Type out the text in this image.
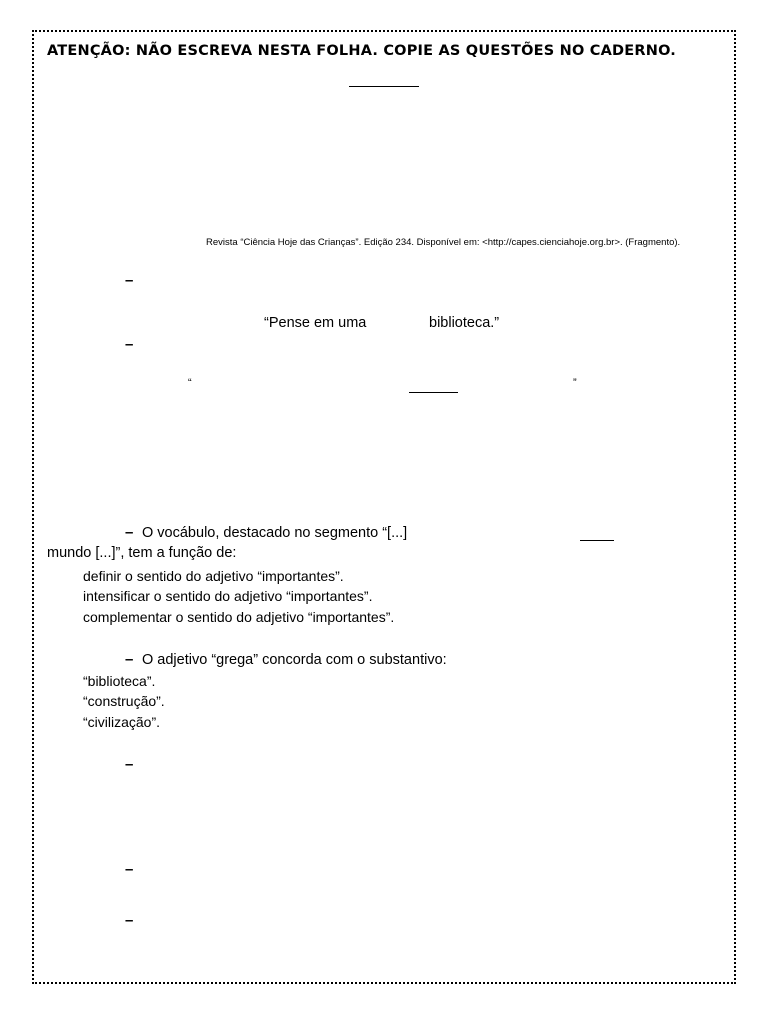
ATENÇÃO: NÃO ESCREVA NESTA FOLHA. COPIE AS QUESTÕES NO CADERNO.
Revista “Ciência Hoje das Crianças”. Edição 234. Disponível em: <http://capes.cienciahoje.org.br>. (Fragmento).
–
“Pense em uma	biblioteca.”
–
“	”
– O vocábulo, destacado no segmento “[...]
mundo [...]”, tem a função de:
definir o sentido do adjetivo “importantes”.
intensificar o sentido do adjetivo “importantes”.
complementar o sentido do adjetivo “importantes”.
– O adjetivo “grega” concorda com o substantivo:
“biblioteca”.
“construção”.
“civilização”.
–
–
–
